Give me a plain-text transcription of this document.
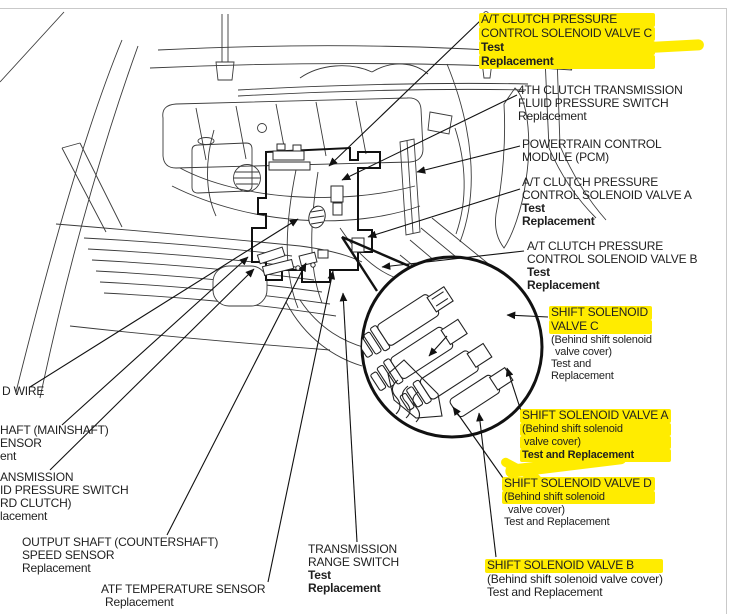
A/T CLUTCH PRESSURE
CONTROL SOLENOID VALVE C
Test
Replacement
4TH CLUTCH TRANSMISSION
FLUID PRESSURE SWITCH
Replacement
POWERTRAIN CONTROL
MODULE (PCM)
A/T CLUTCH PRESSURE
CONTROL SOLENOID VALVE A
Test
Replacement
A/T CLUTCH PRESSURE
CONTROL SOLENOID VALVE B
Test
Replacement
SHIFT SOLENOID
VALVE C
(Behind shift solenoid
valve cover)
Test and
Replacement
SHIFT SOLENOID VALVE A
(Behind shift solenoid
valve cover)
Test and Replacement
SHIFT SOLENOID VALVE D
(Behind shift solenoid
valve cover)
Test and Replacement
SHIFT SOLENOID VALVE B
(Behind shift solenoid valve cover)
Test and Replacement
D WIRE
HAFT (MAINSHAFT)
ENSOR
ent
ANSMISSION
ID PRESSURE SWITCH
RD CLUTCH)
lacement
OUTPUT SHAFT (COUNTERSHAFT)
SPEED SENSOR
Replacement
ATF TEMPERATURE SENSOR
Replacement
TRANSMISSION
RANGE SWITCH
Test
Replacement
